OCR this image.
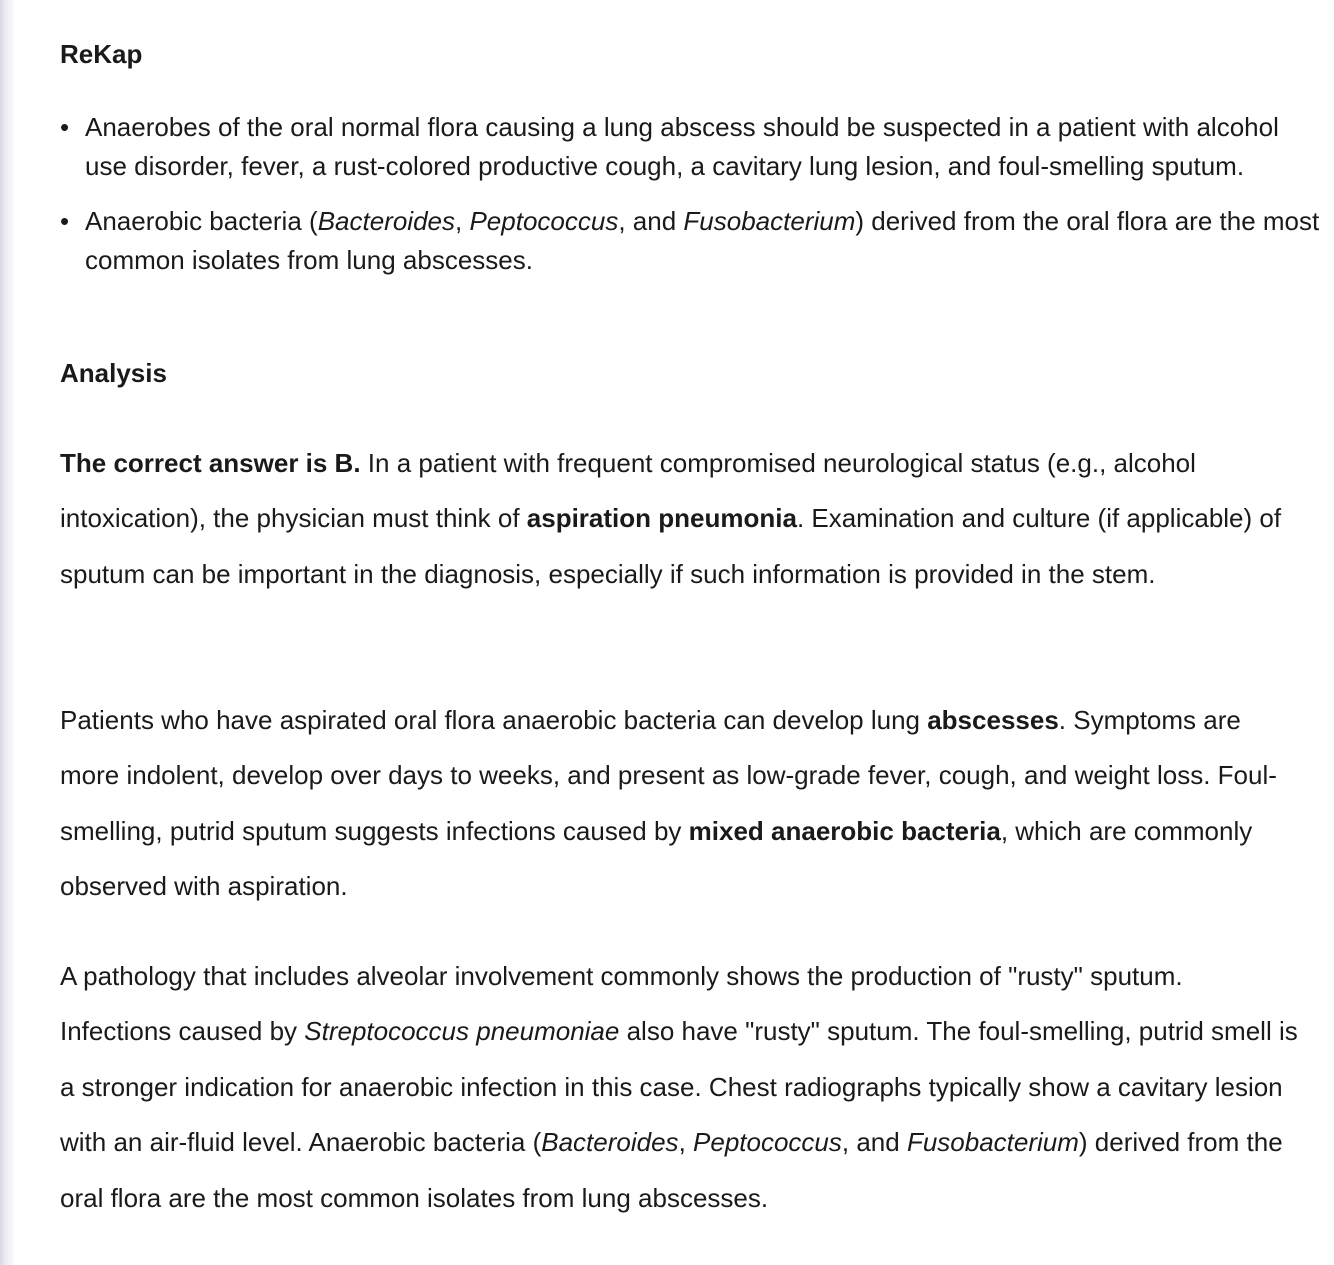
ReKap
• Anaerobes of the oral normal flora causing a lung abscess should be suspected in a patient with alcohol use disorder, fever, a rust-colored productive cough, a cavitary lung lesion, and foul-smelling sputum.
• Anaerobic bacteria (Bacteroides, Peptococcus, and Fusobacterium) derived from the oral flora are the most common isolates from lung abscesses.
Analysis

The correct answer is B. In a patient with frequent compromised neurological status (e.g., alcohol intoxication), the physician must think of aspiration pneumonia. Examination and culture (if applicable) of sputum can be important in the diagnosis, especially if such information is provided in the stem.

Patients who have aspirated oral flora anaerobic bacteria can develop lung abscesses. Symptoms are more indolent, develop over days to weeks, and present as low-grade fever, cough, and weight loss. Foul-smelling, putrid sputum suggests infections caused by mixed anaerobic bacteria, which are commonly observed with aspiration.

A pathology that includes alveolar involvement commonly shows the production of "rusty" sputum. Infections caused by Streptococcus pneumoniae also have "rusty" sputum. The foul-smelling, putrid smell is a stronger indication for anaerobic infection in this case. Chest radiographs typically show a cavitary lesion with an air-fluid level. Anaerobic bacteria (Bacteroides, Peptococcus, and Fusobacterium) derived from the oral flora are the most common isolates from lung abscesses.
